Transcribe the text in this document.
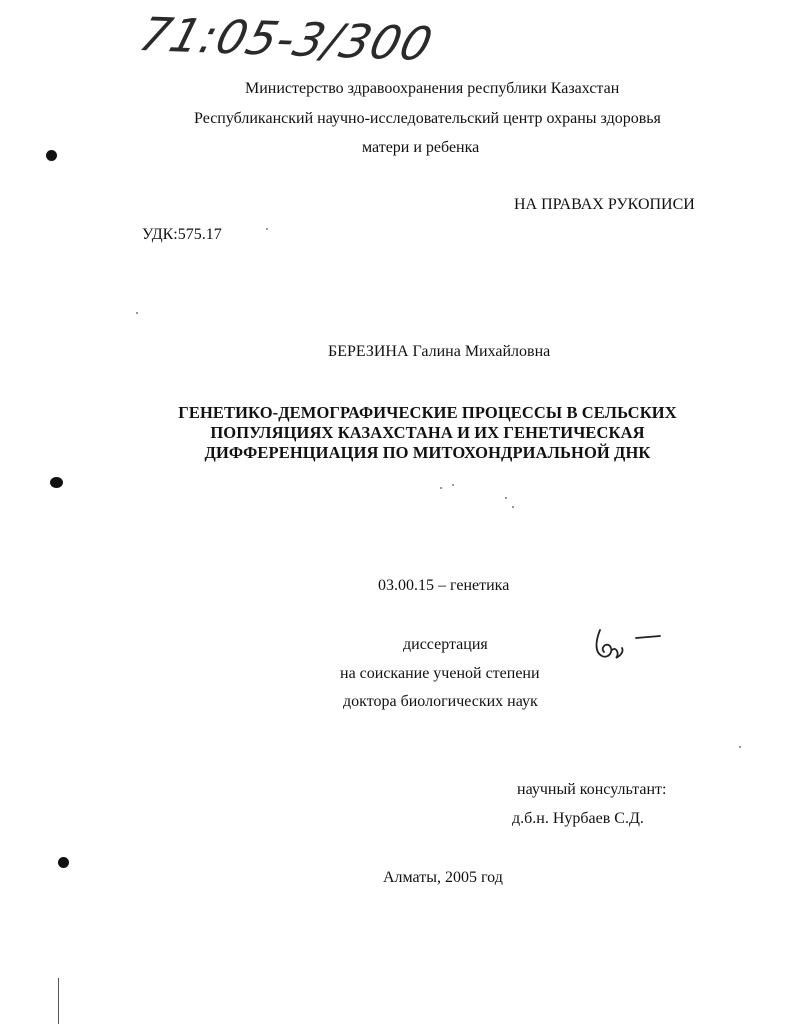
71:05-3/300
Министерство здравоохранения республики Казахстан
Республиканский научно-исследовательский центр охраны здоровья
матери и ребенка
НА ПРАВАХ РУКОПИСИ
УДК:575.17
БЕРЕЗИНА Галина Михайловна
ГЕНЕТИКО-ДЕМОГРАФИЧЕСКИЕ ПРОЦЕССЫ В СЕЛЬСКИХ
ПОПУЛЯЦИЯХ КАЗАХСТАНА И ИХ ГЕНЕТИЧЕСКАЯ
ДИФФЕРЕНЦИАЦИЯ ПО МИТОХОНДРИАЛЬНОЙ ДНК
03.00.15 – генетика
диссертация
на соискание ученой степени
доктора биологических наук
научный консультант:
д.б.н. Нурбаев С.Д.
Алматы, 2005 год
